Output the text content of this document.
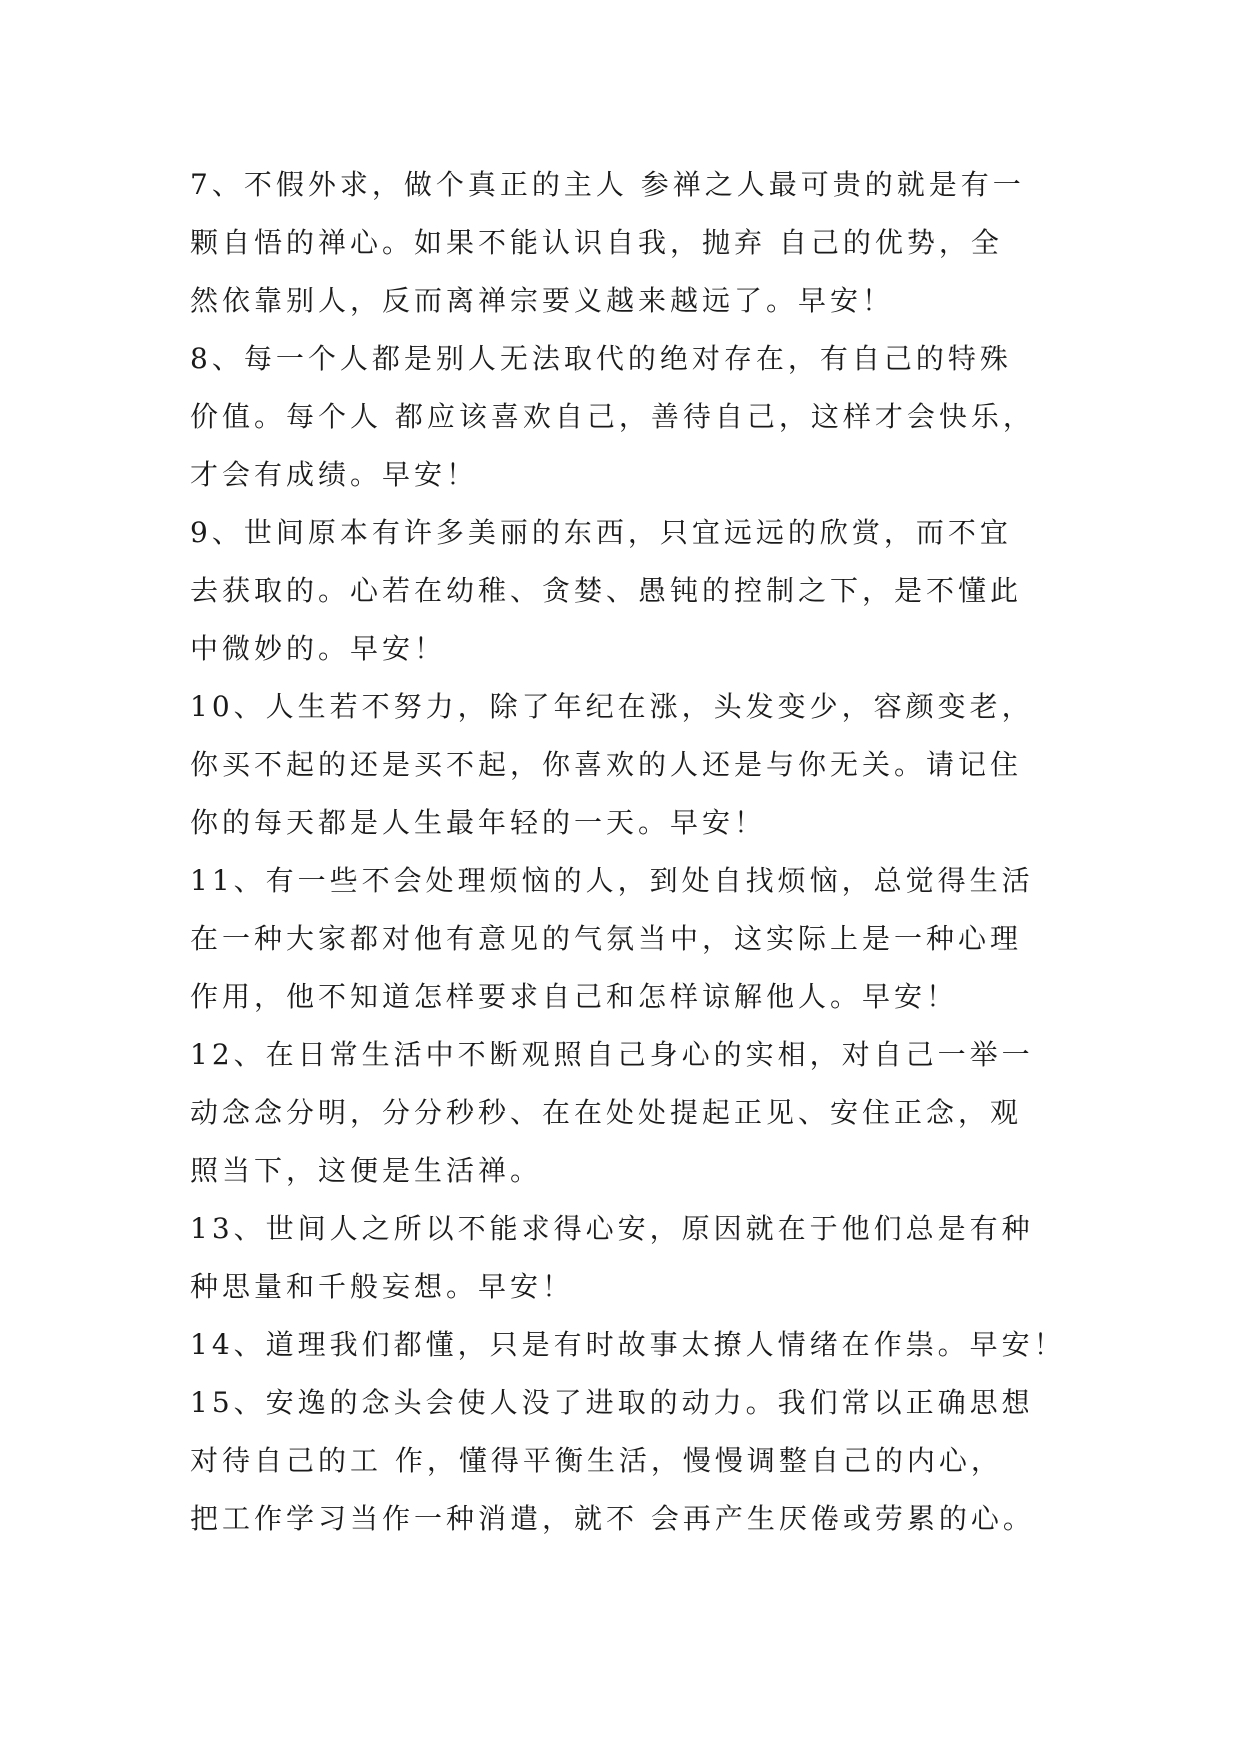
7、不假外求，做个真正的主人 参禅之人最可贵的就是有一
颗自悟的禅心。如果不能认识自我，抛弃 自己的优势，全
然依靠别人，反而离禅宗要义越来越远了。早安！
8、每一个人都是别人无法取代的绝对存在，有自己的特殊
价值。每个人 都应该喜欢自己，善待自己，这样才会快乐，
才会有成绩。早安！
9、世间原本有许多美丽的东西，只宜远远的欣赏，而不宜
去获取的。心若在幼稚、贪婪、愚钝的控制之下，是不懂此
中微妙的。早安！
10、人生若不努力，除了年纪在涨，头发变少，容颜变老，
你买不起的还是买不起，你喜欢的人还是与你无关。请记住
你的每天都是人生最年轻的一天。早安！
11、有一些不会处理烦恼的人，到处自找烦恼，总觉得生活
在一种大家都对他有意见的气氛当中，这实际上是一种心理
作用，他不知道怎样要求自己和怎样谅解他人。早安！
12、在日常生活中不断观照自己身心的实相，对自己一举一
动念念分明，分分秒秒、在在处处提起正见、安住正念，观
照当下，这便是生活禅。
13、世间人之所以不能求得心安，原因就在于他们总是有种
种思量和千般妄想。早安！
14、道理我们都懂，只是有时故事太撩人情绪在作祟。早安！
15、安逸的念头会使人没了进取的动力。我们常以正确思想
对待自己的工 作，懂得平衡生活，慢慢调整自己的内心，
把工作学习当作一种消遣，就不 会再产生厌倦或劳累的心。
